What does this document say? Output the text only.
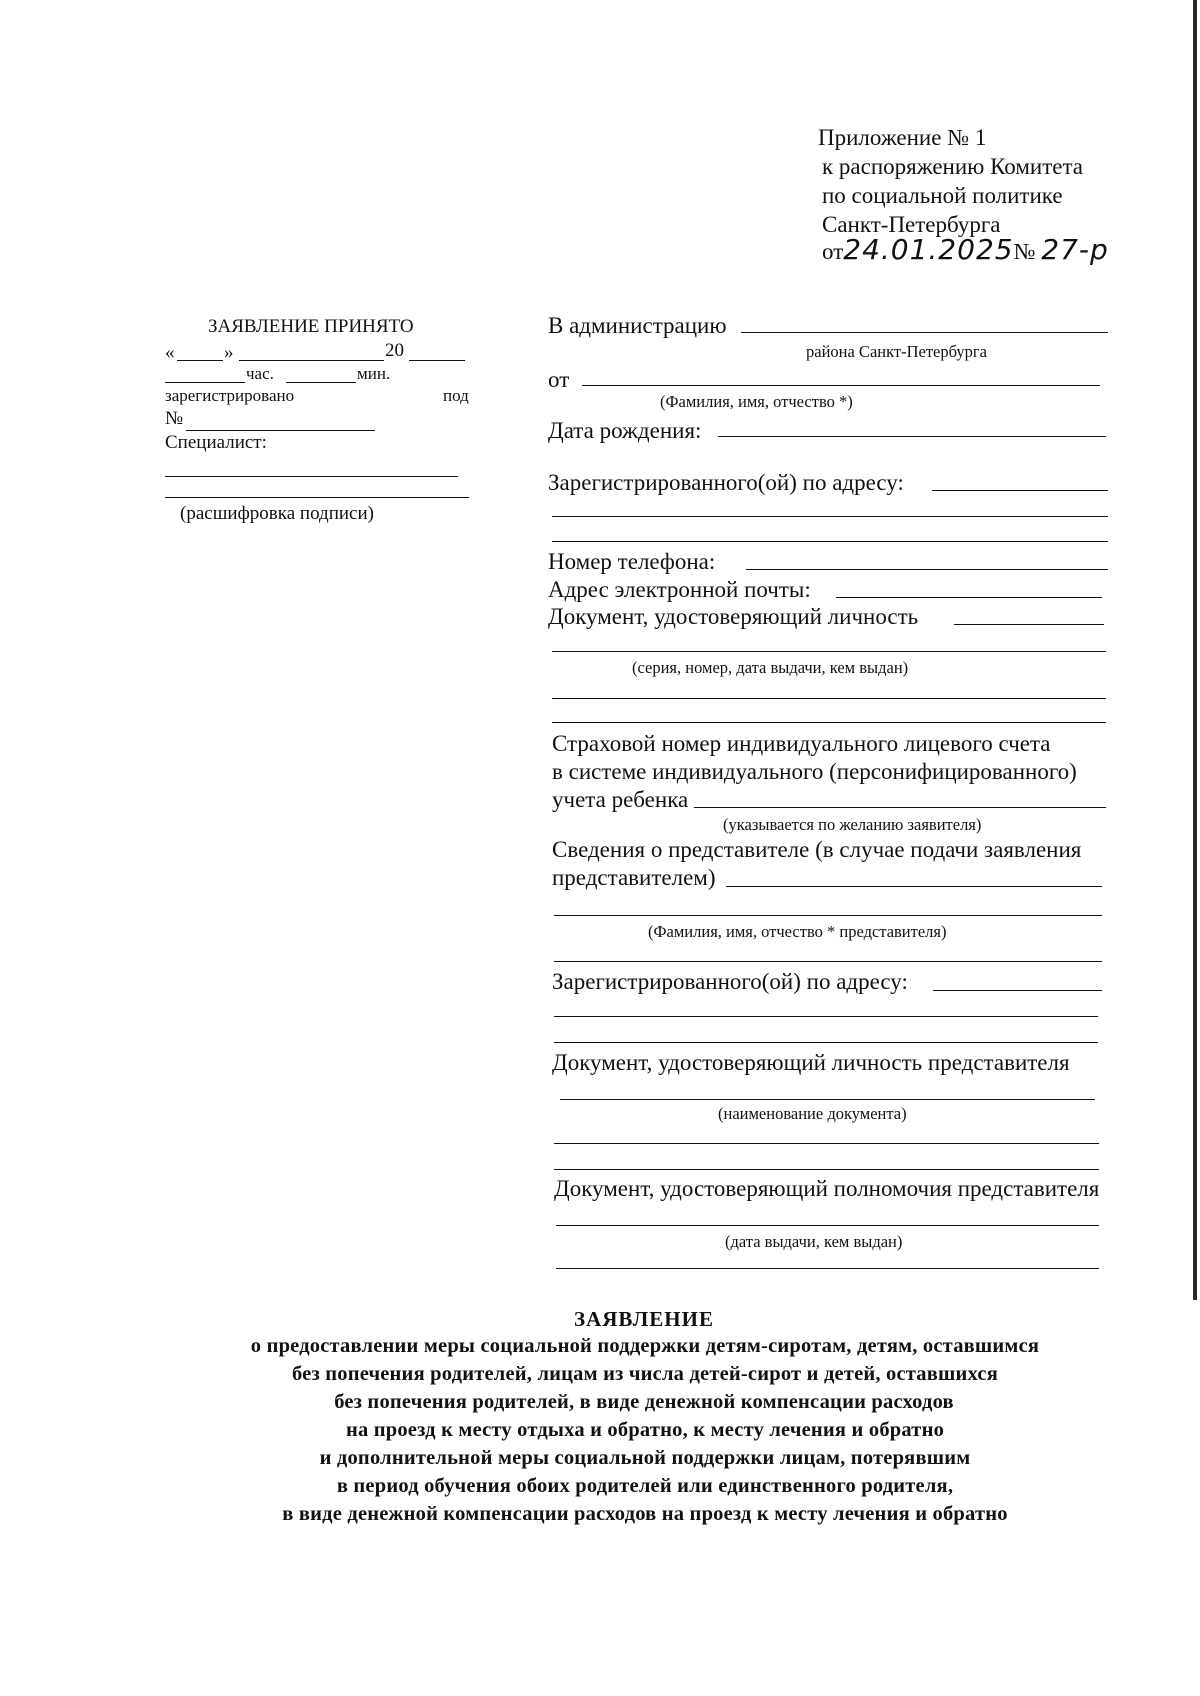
Приложение № 1
к распоряжению Комитета
по социальной политике
Санкт-Петербурга
от24.01.2025№ 27-р
ЗАЯВЛЕНИЕ ПРИНЯТО
«	»	20
час.	мин.
зарегистрировано	под
№
Специалист:
(расшифровка подписи)
В администрацию
района Санкт-Петербурга
от
(Фамилия, имя, отчество *)
Дата рождения:
Зарегистрированного(ой) по адресу:
Номер телефона:
Адрес электронной почты:
Документ, удостоверяющий личность
(серия, номер, дата выдачи, кем выдан)
Страховой номер индивидуального лицевого счета
в системе индивидуального (персонифицированного)
учета ребенка
(указывается по желанию заявителя)
Сведения о представителе (в случае подачи заявления
представителем)
(Фамилия, имя, отчество * представителя)
Зарегистрированного(ой) по адресу:
Документ, удостоверяющий личность представителя
(наименование документа)
Документ, удостоверяющий полномочия представителя
(дата выдачи, кем выдан)
ЗАЯВЛЕНИЕ
о предоставлении меры социальной поддержки детям-сиротам, детям, оставшимся
без попечения родителей, лицам из числа детей-сирот и детей, оставшихся
без попечения родителей, в виде денежной компенсации расходов
на проезд к месту отдыха и обратно, к месту лечения и обратно
и дополнительной меры социальной поддержки лицам, потерявшим
в период обучения обоих родителей или единственного родителя,
в виде денежной компенсации расходов на проезд к месту лечения и обратно
